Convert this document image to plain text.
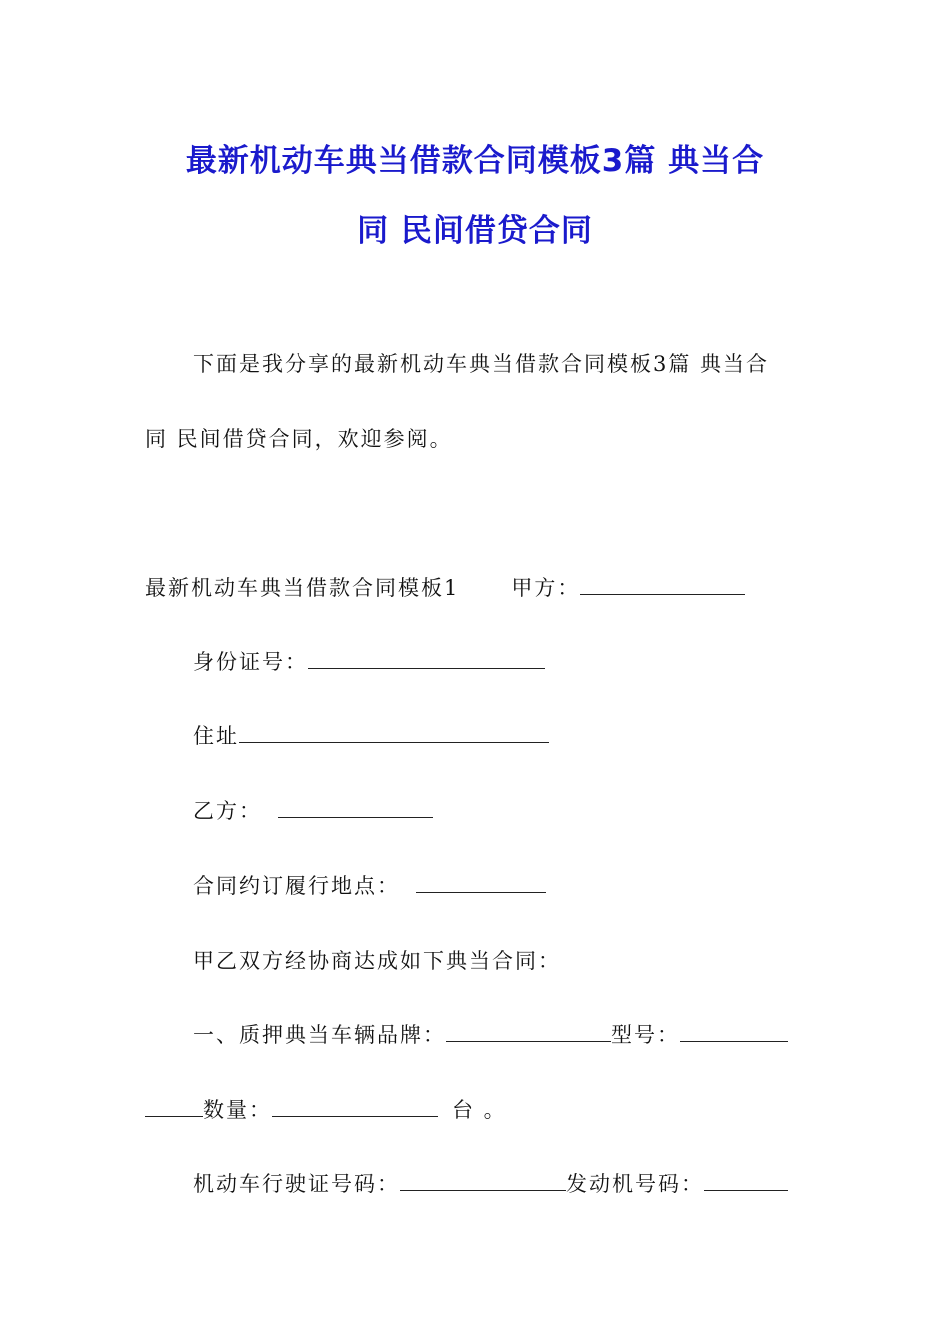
最新机动车典当借款合同模板3篇 典当合
同 民间借贷合同

下面是我分享的最新机动车典当借款合同模板3篇 典当合

同 民间借贷合同，欢迎参阅。

最新机动车典当借款合同模板1 甲方：

身份证号：

住址

乙方：

合同约订履行地点：

甲乙双方经协商达成如下典当合同：

一、质押典当车辆品牌：	型号：

数量：	台 。

机动车行驶证号码：	发动机号码：
